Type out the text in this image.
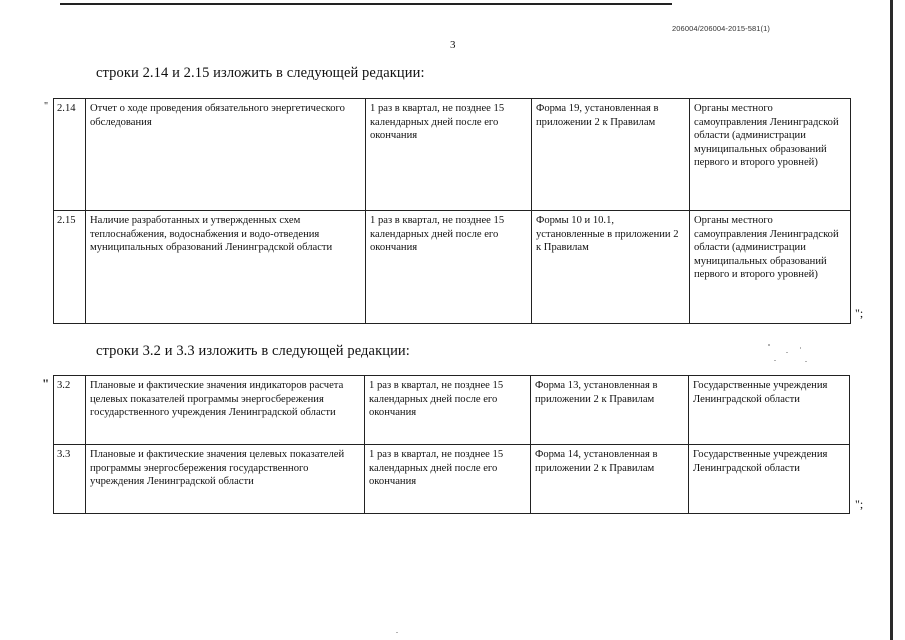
206004/206004-2015-581(1)
3
строки 2.14 и 2.15 изложить в следующей редакции:
" 2.14	Отчет о ходе проведения обязательного энергетического обследования	1 раз в квартал, не позднее 15 календарных дней после его окончания	Форма 19, установленная в приложении 2 к Правилам	Органы местного самоуправления Ленинградской области (администрации муниципальных образований первого и второго уровней)
2.15	Наличие разработанных и утвержденных схем теплоснабжения, водоснабжения и водо-отведения муниципальных образований Ленинградской области	1 раз в квартал, не позднее 15 календарных дней после его окончания	Формы 10 и 10.1, установленные в приложении 2 к Правилам	Органы местного самоуправления Ленинградской области (администрации муниципальных образований первого и второго уровней)
";
строки 3.2 и 3.3 изложить в следующей редакции:
" 3.2	Плановые и фактические значения индикаторов расчета целевых показателей программы энергосбережения государственного учреждения Ленинградской области	1 раз в квартал, не позднее 15 календарных дней после его окончания	Форма 13, установленная в приложении 2 к Правилам	Государственные учреждения Ленинградской области
3.3	Плановые и фактические значения целевых показателей программы энергосбережения государственного учреждения Ленинградской области	1 раз в квартал, не позднее 15 календарных дней после его окончания	Форма 14, установленная в приложении 2 к Правилам	Государственные учреждения Ленинградской области
";
